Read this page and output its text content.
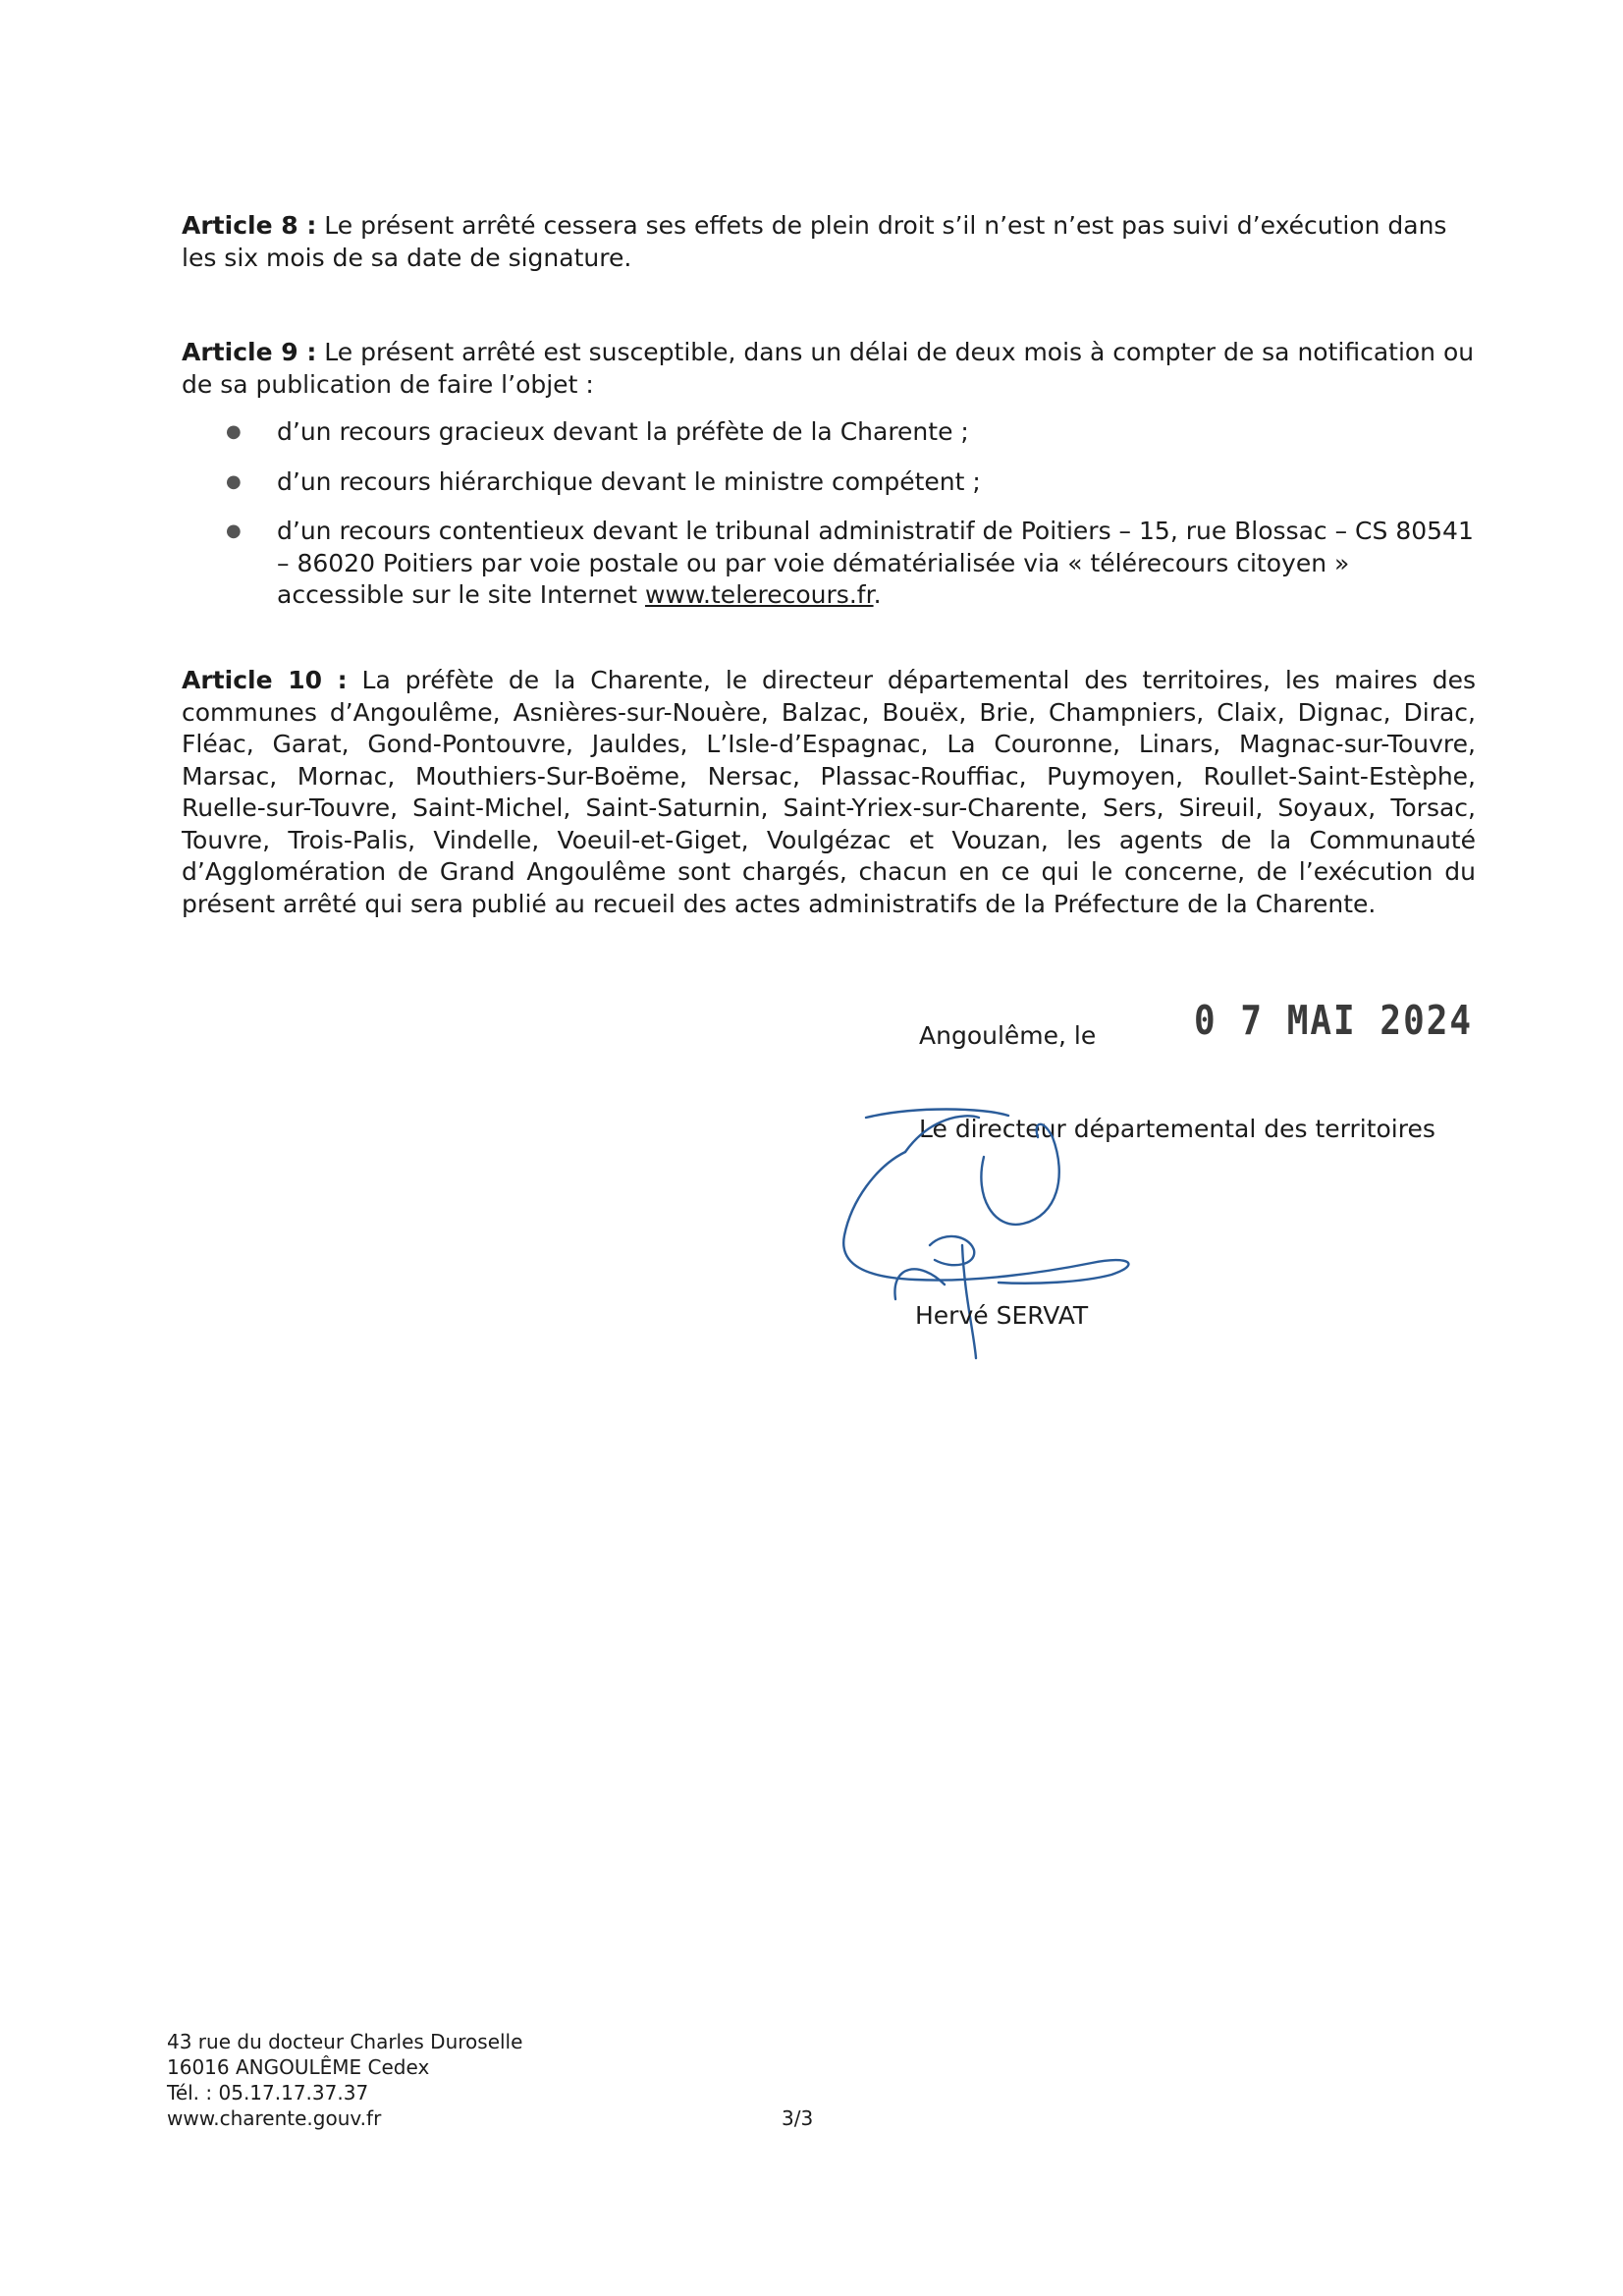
Article 8 : Le présent arrêté cessera ses effets de plein droit s’il n’est n’est pas suivi d’exécution dans les six mois de sa date de signature.

Article 9 : Le présent arrêté est susceptible, dans un délai de deux mois à compter de sa notification ou de sa publication de faire l’objet :

● d’un recours gracieux devant la préfète de la Charente ;
● d’un recours hiérarchique devant le ministre compétent ;
● d’un recours contentieux devant le tribunal administratif de Poitiers – 15, rue Blossac – CS 80541 – 86020 Poitiers par voie postale ou par voie dématérialisée via « télérecours citoyen » accessible sur le site Internet www.telerecours.fr.

Article 10 : La préfète de la Charente, le directeur départemental des territoires, les maires des communes d’Angoulême, Asnières-sur-Nouère, Balzac, Bouëx, Brie, Champniers, Claix, Dignac, Dirac, Fléac, Garat, Gond-Pontouvre, Jauldes, L’Isle-d’Espagnac, La Couronne, Linars, Magnac-sur-Touvre, Marsac, Mornac, Mouthiers-Sur-Boëme, Nersac, Plassac-Rouffiac, Puymoyen, Roullet-Saint-Estèphe, Ruelle-sur-Touvre, Saint-Michel, Saint-Saturnin, Saint-Yriex-sur-Charente, Sers, Sireuil, Soyaux, Torsac, Touvre, Trois-Palis, Vindelle, Voeuil-et-Giget, Voulgézac et Vouzan, les agents de la Communauté d’Agglomération de Grand Angoulême sont chargés, chacun en ce qui le concerne, de l’exécution du présent arrêté qui sera publié au recueil des actes administratifs de la Préfecture de la Charente.

Angoulême, le	0 7 MAI 2024
Le directeur départemental des territoires
Hervé SERVAT
43 rue du docteur Charles Duroselle
16016 ANGOULÊME Cedex
Tél. : 05.17.17.37.37
www.charente.gouv.fr	3/3
